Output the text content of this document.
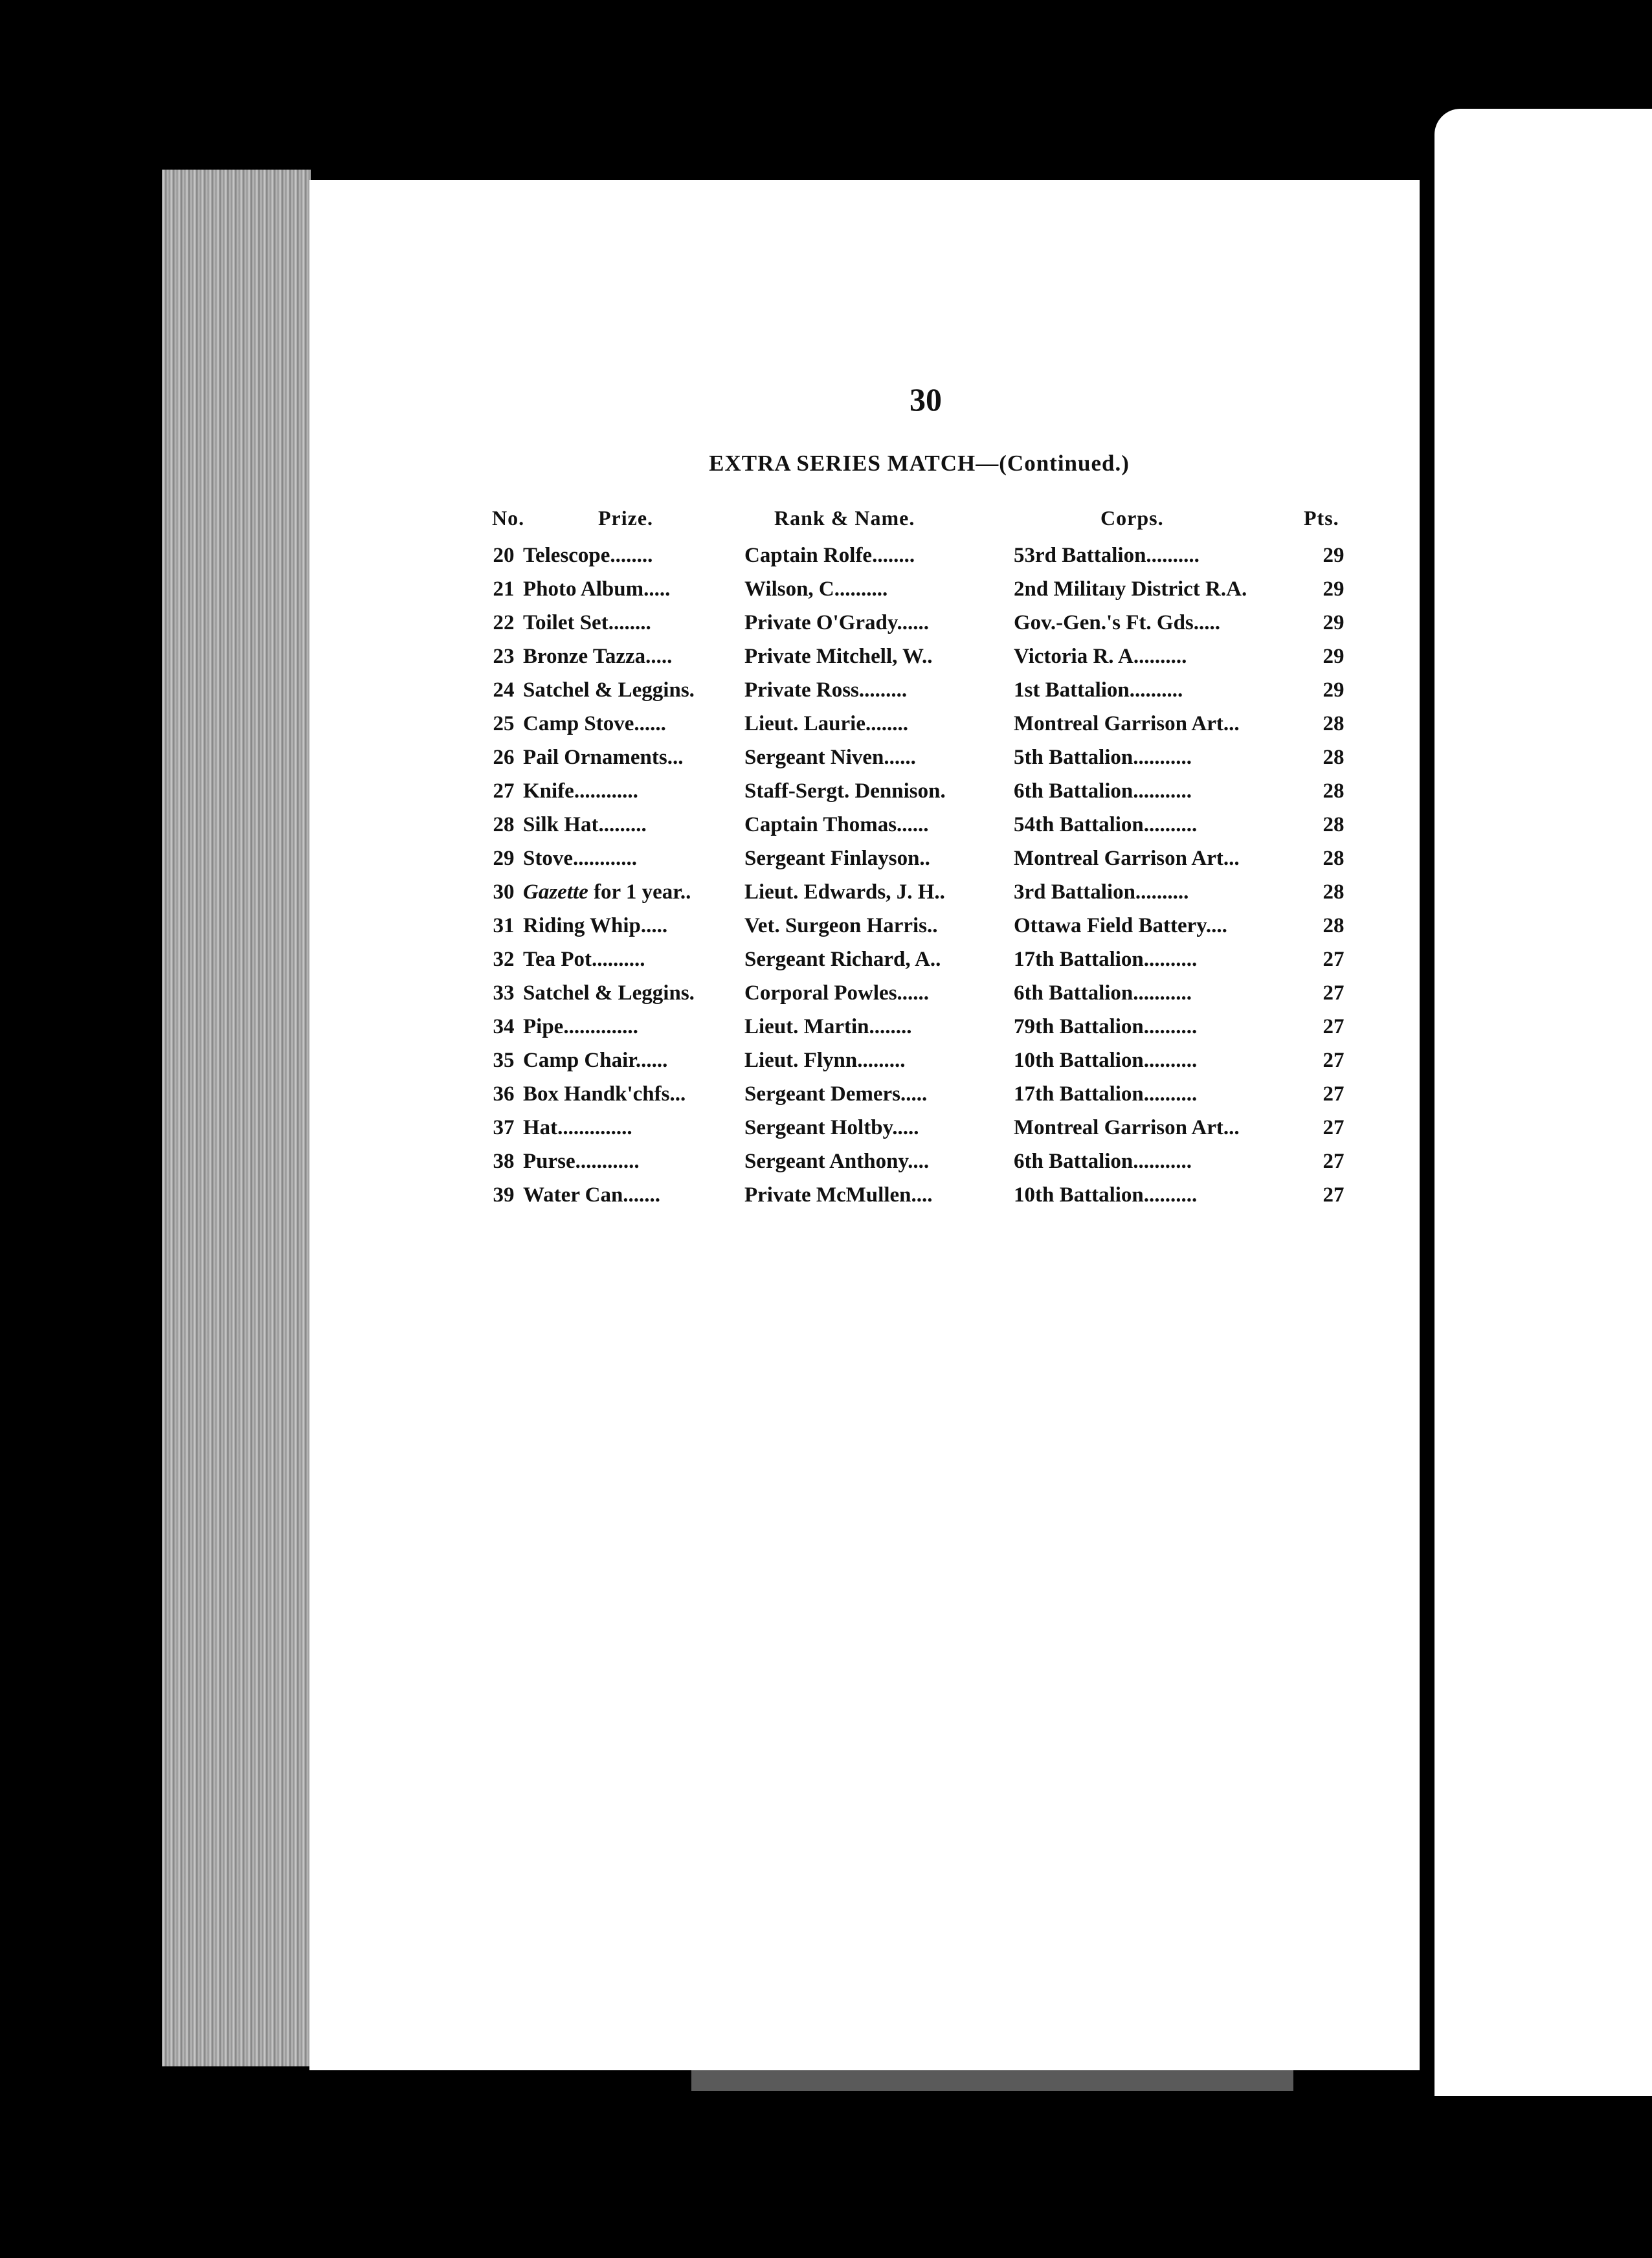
30
EXTRA SERIES MATCH—(Continued.)
No.	Prize.	Rank & Name.	Corps.	Pts.
20 Telescope........	Captain Rolfe........	53rd Battalion..........	29
21 Photo Album.....	Wilson, C..........	2nd Militaıy District R.A.	29
22 Toilet Set........	Private O'Grady......	Gov.-Gen.'s Ft. Gds.....	29
23 Bronze Tazza.....	Private Mitchell, W..	Victoria R. A..........	29
24 Satchel & Leggins. Private Ross.........	1st Battalion..........	29
25 Camp Stove......	Lieut. Laurie........	Montreal Garrison Art...	28
26 Pail Ornaments...	Sergeant Niven......	5th Battalion...........	28
27 Knife............	Staff-Sergt. Dennison.	6th Battalion...........	28
28 Silk Hat.........	Captain Thomas......	54th Battalion..........	28
29 Stove............	Sergeant Finlayson..	Montreal Garrison Art...	28
30 Gazette for 1 year..	Lieut. Edwards, J. H..	3rd Battalion..........	28
31 Riding Whip.....	Vet. Surgeon Harris..	Ottawa Field Battery....	28
32 Tea Pot..........	Sergeant Richard, A..	17th Battalion..........	27
33 Satchel & Leggins. Corporal Powles......	6th Battalion...........	27
34 Pipe..............	Lieut. Martin........	79th Battalion..........	27
35 Camp Chair......	Lieut. Flynn.........	10th Battalion..........	27
36 Box Handk'chfs...	Sergeant Demers.....	17th Battalion..........	27
37 Hat..............	Sergeant Holtby.....	Montreal Garrison Art...	27
38 Purse............	Sergeant Anthony....	6th Battalion...........	27
39 Water Can.......	Private McMullen....	10th Battalion..........	27
